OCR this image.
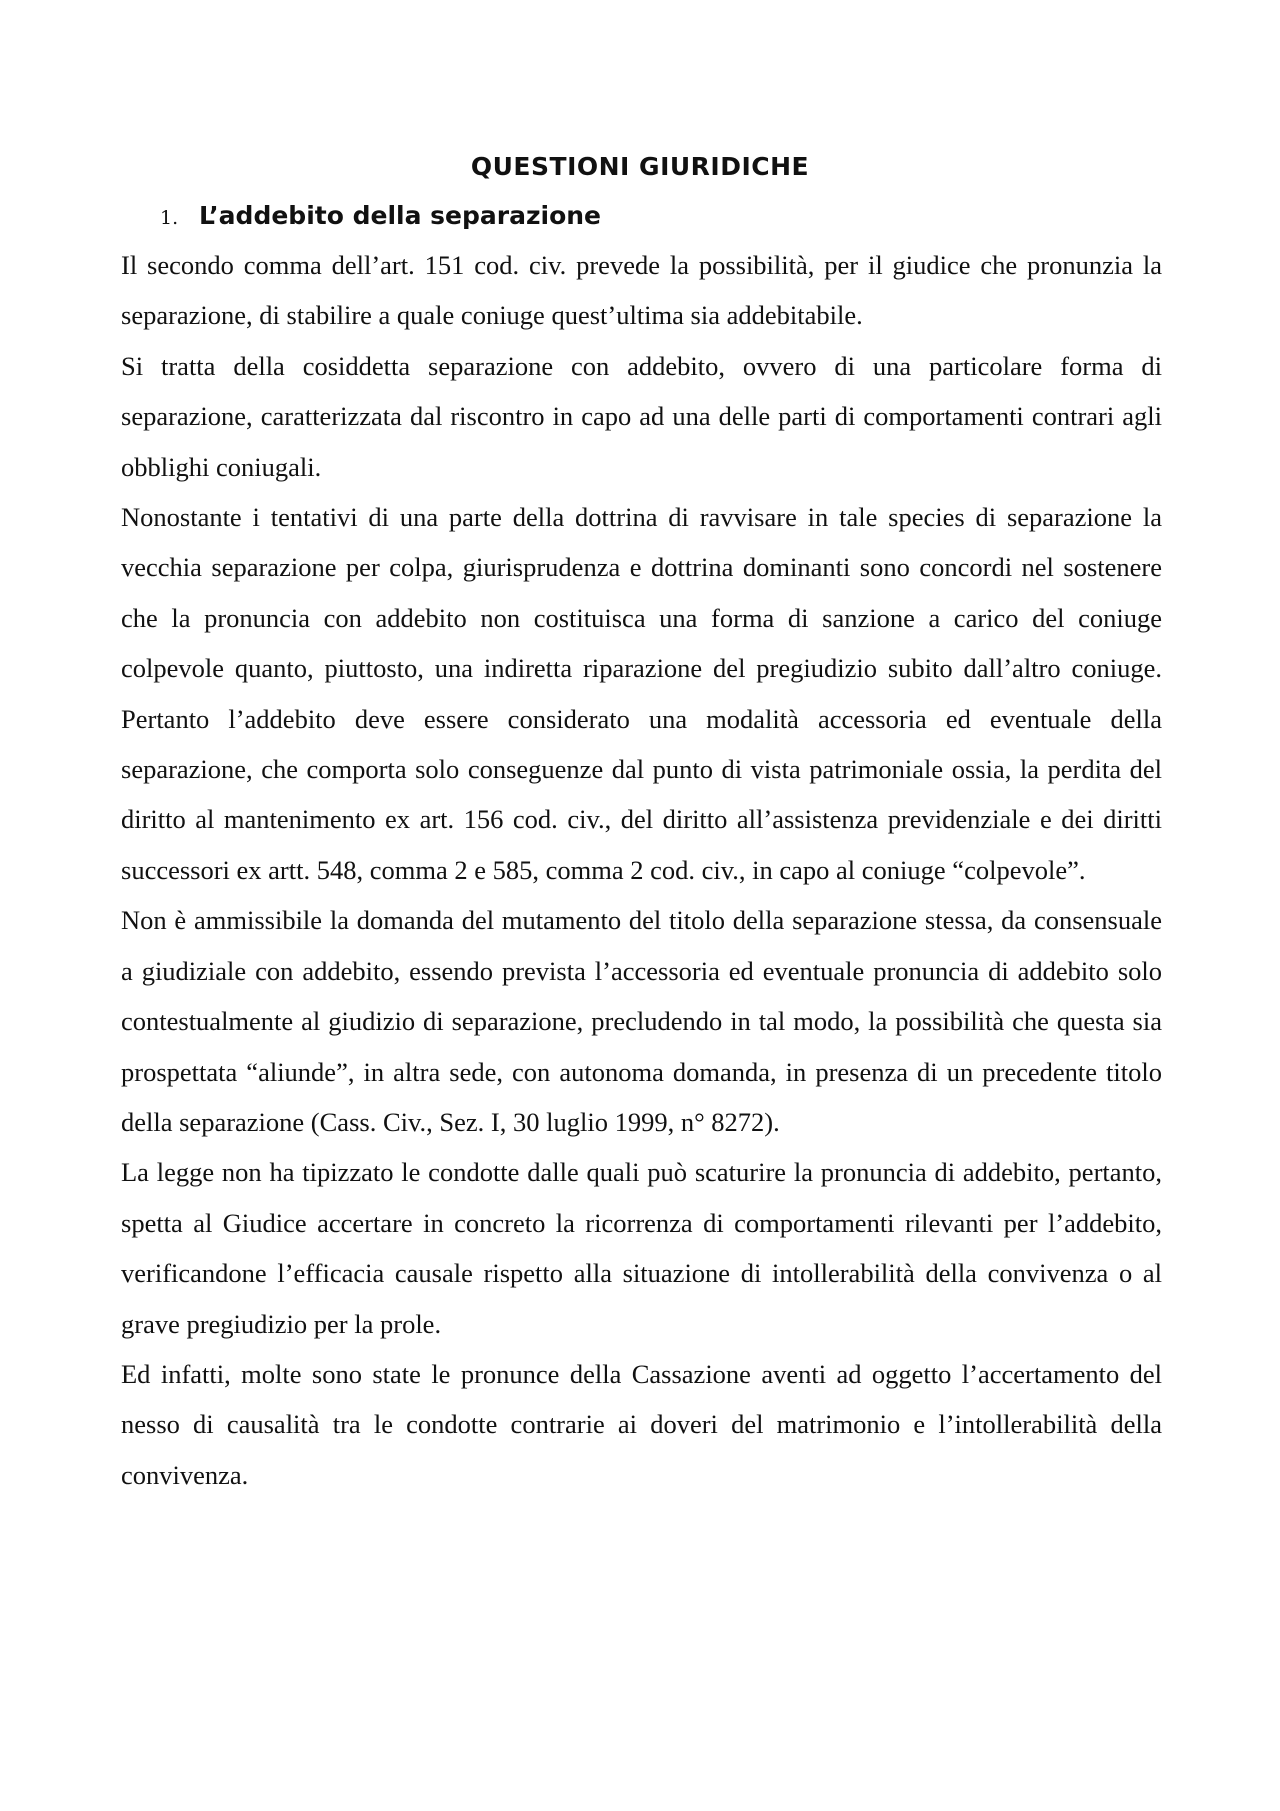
QUESTIONI GIURIDICHE
1. L’addebito della separazione

Il secondo comma dell’art. 151 cod. civ. prevede la possibilità, per il giudice che pronunzia la separazione, di stabilire a quale coniuge quest’ultima sia addebitabile.

Si tratta della cosiddetta separazione con addebito, ovvero di una particolare forma di separazione, caratterizzata dal riscontro in capo ad una delle parti di comportamenti contrari agli obblighi coniugali.

Nonostante i tentativi di una parte della dottrina di ravvisare in tale species di separazione la vecchia separazione per colpa, giurisprudenza e dottrina dominanti sono concordi nel sostenere che la pronuncia con addebito non costituisca una forma di sanzione a carico del coniuge colpevole quanto, piuttosto, una indiretta riparazione del pregiudizio subito dall’altro coniuge. Pertanto l’addebito deve essere considerato una modalità accessoria ed eventuale della separazione, che comporta solo conseguenze dal punto di vista patrimoniale ossia, la perdita del diritto al mantenimento ex art. 156 cod. civ., del diritto all’assistenza previdenziale e dei diritti successori ex artt. 548, comma 2 e 585, comma 2 cod. civ., in capo al coniuge “colpevole”.

Non è ammissibile la domanda del mutamento del titolo della separazione stessa, da consensuale a giudiziale con addebito, essendo prevista l’accessoria ed eventuale pronuncia di addebito solo contestualmente al giudizio di separazione, precludendo in tal modo, la possibilità che questa sia prospettata “aliunde”, in altra sede, con autonoma domanda, in presenza di un precedente titolo della separazione (Cass. Civ., Sez. I, 30 luglio 1999, n° 8272).

La legge non ha tipizzato le condotte dalle quali può scaturire la pronuncia di addebito, pertanto, spetta al Giudice accertare in concreto la ricorrenza di comportamenti rilevanti per l’addebito, verificandone l’efficacia causale rispetto alla situazione di intollerabilità della convivenza o al grave pregiudizio per la prole.

Ed infatti, molte sono state le pronunce della Cassazione aventi ad oggetto l’accertamento del nesso di causalità tra le condotte contrarie ai doveri del matrimonio e l’intollerabilità della convivenza.
